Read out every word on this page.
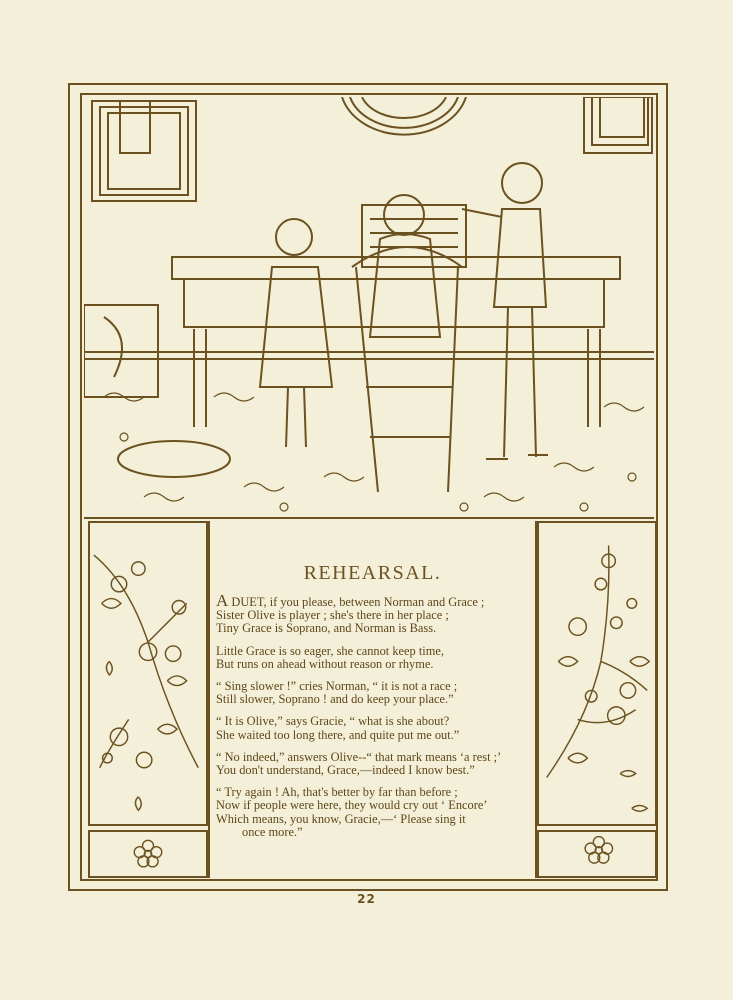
REHEARSAL.
A DUET, if you please, between Norman and Grace ;
Sister Olive is player ; she's there in her place ;
Tiny Grace is Soprano, and Norman is Bass.
Little Grace is so eager, she cannot keep time,
But runs on ahead without reason or rhyme.
“ Sing slower !” cries Norman, “ it is not a race ;
Still slower, Soprano ! and do keep your place.”
“ It is Olive,” says Gracie, “ what is she about?
She waited too long there, and quite put me out.”
“ No indeed,” answers Olive--“ that mark means ‘a rest ;’
You don't understand, Grace,—indeed I know best.”
“ Try again ! Ah, that's better by far than before ;
Now if people were here, they would cry out ‘ Encore’
Which means, you know, Gracie,—‘ Please sing it
once more.”
22
